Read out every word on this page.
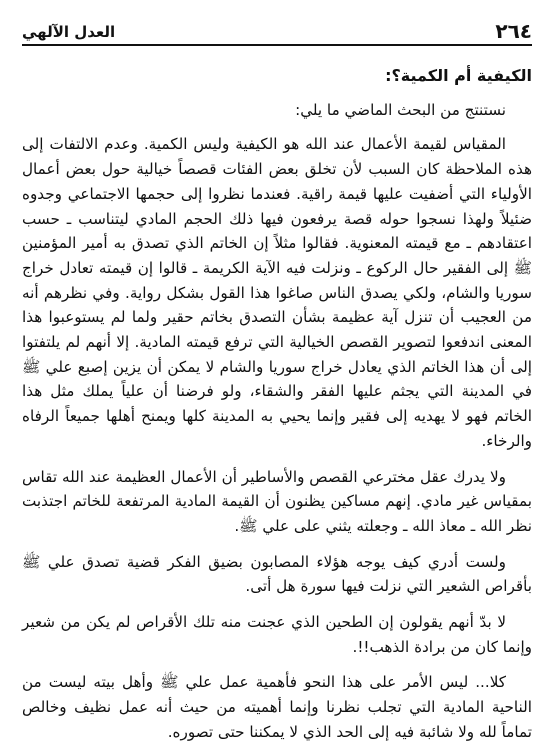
٢٦٤
العدل الآلهي

الكيفية أم الكمية؟:

نستنتج من البحث الماضي ما يلي:

المقياس لقيمة الأعمال عند الله هو الكيفية وليس الكمية. وعدم الالتفات إلى هذه الملاحظة كان السبب لأن تخلق بعض الفئات قصصاً خيالية حول بعض أعمال الأولياء التي أضفيت عليها قيمة راقية. فعندما نظروا إلى حجمها الاجتماعي وجدوه ضئيلاً ولهذا نسجوا حوله قصة يرفعون فيها ذلك الحجم المادي ليتناسب ـ حسب اعتقادهم ـ مع قيمته المعنوية. فقالوا مثلاً إن الخاتم الذي تصدق به أمير المؤمنين ﷺ إلى الفقير حال الركوع ـ ونزلت فيه الآية الكريمة ـ قالوا إن قيمته تعادل خراج سوريا والشام، ولكي يصدق الناس صاغوا هذا القول بشكل رواية. وفي نظرهم أنه من العجيب أن تنزل آية عظيمة بشأن التصدق بخاتم حقير ولما لم يستوعبوا هذا المعنى اندفعوا لتصوير القصص الخيالية التي ترفع قيمته المادية. إلا أنهم لم يلتفتوا إلى أن هذا الخاتم الذي يعادل خراج سوريا والشام لا يمكن أن يزين إصبع علي ﷺ في المدينة التي يجثم عليها الفقر والشقاء، ولو فرضنا أن علياً يملك مثل هذا الخاتم فهو لا يهديه إلى فقير وإنما يحيي به المدينة كلها ويمنح أهلها جميعاً الرفاه والرخاء.

ولا يدرك عقل مخترعي القصص والأساطير أن الأعمال العظيمة عند الله تقاس بمقياس غير مادي. إنهم مساكين يظنون أن القيمة المادية المرتفعة للخاتم اجتذبت نظر الله ـ معاذ الله ـ وجعلته يثني على علي ﷺ.

ولست أدري كيف يوجه هؤلاء المصابون بضيق الفكر قضية تصدق علي ﷺ بأقراص الشعير التي نزلت فيها سورة هل أتى.

لا بدّ أنهم يقولون إن الطحين الذي عجنت منه تلك الأقراص لم يكن من شعير وإنما كان من برادة الذهب!!.

كلا... ليس الأمر على هذا النحو فأهمية عمل علي ﷺ وأهل بيته ليست من الناحية المادية التي تجلب نظرنا وإنما أهميته من حيث أنه عمل نظيف وخالص تماماً لله ولا شائبة فيه إلى الحد الذي لا يمكننا حتى تصوره.
